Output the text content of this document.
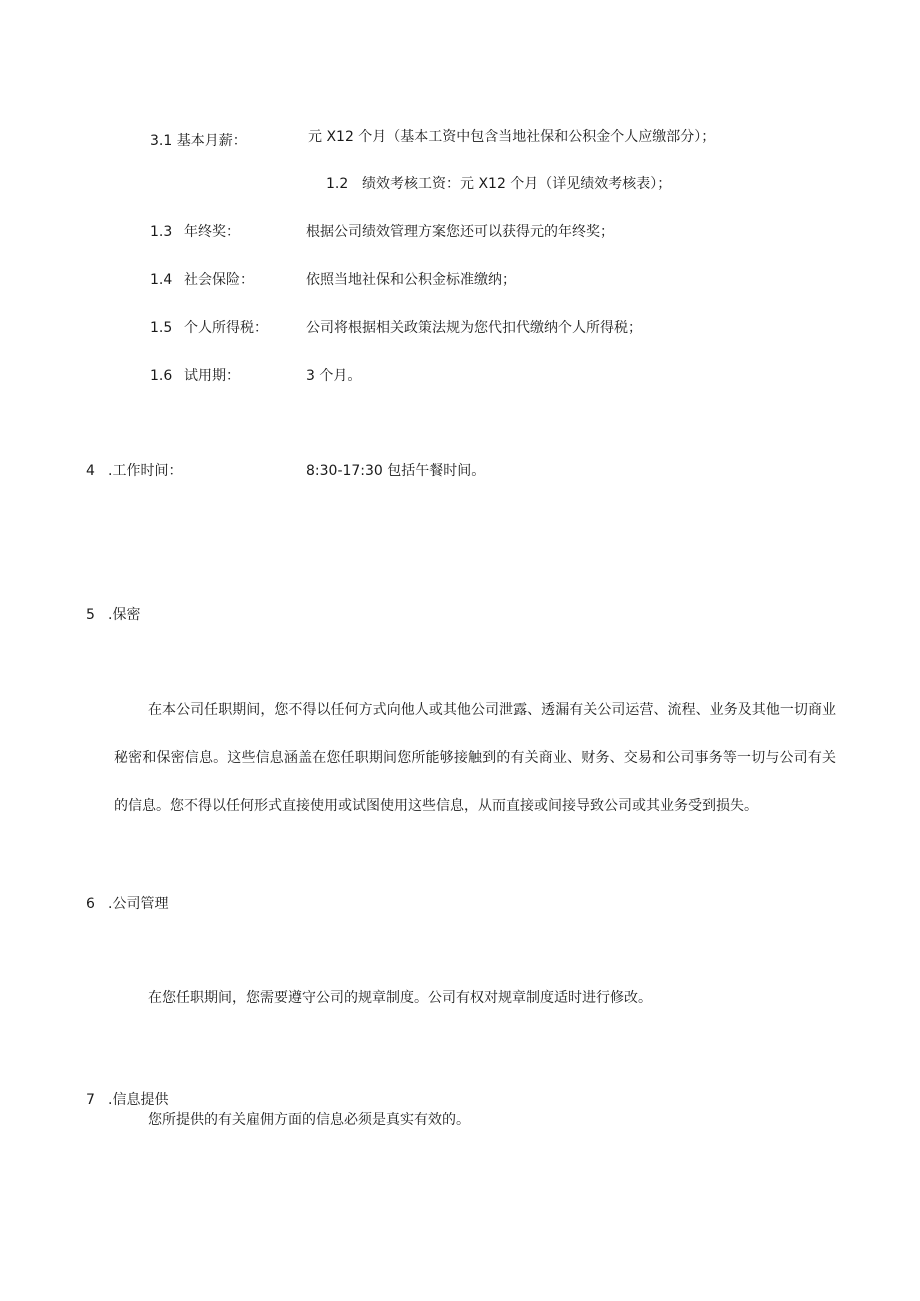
3.1 基本月薪：	元 X12 个月（基本工资中包含当地社保和公积金个人应缴部分）；
1.2 绩效考核工资：元 X12 个月（详见绩效考核表）；
1.3 年终奖：	根据公司绩效管理方案您还可以获得元的年终奖；
1.4 社会保险：	依照当地社保和公积金标准缴纳；
1.5 个人所得税：	公司将根据相关政策法规为您代扣代缴纳个人所得税；
1.6 试用期：	3 个月。
4 .工作时间：	8:30-17:30 包括午餐时间。
5 .保密
在本公司任职期间，您不得以任何方式向他人或其他公司泄露、透漏有关公司运营、流程、业务及其他一切商业秘密和保密信息。这些信息涵盖在您任职期间您所能够接触到的有关商业、财务、交易和公司事务等一切与公司有关的信息。您不得以任何形式直接使用或试图使用这些信息，从而直接或间接导致公司或其业务受到损失。
6 .公司管理
在您任职期间，您需要遵守公司的规章制度。公司有权对规章制度适时进行修改。
7 .信息提供
您所提供的有关雇佣方面的信息必须是真实有效的。
